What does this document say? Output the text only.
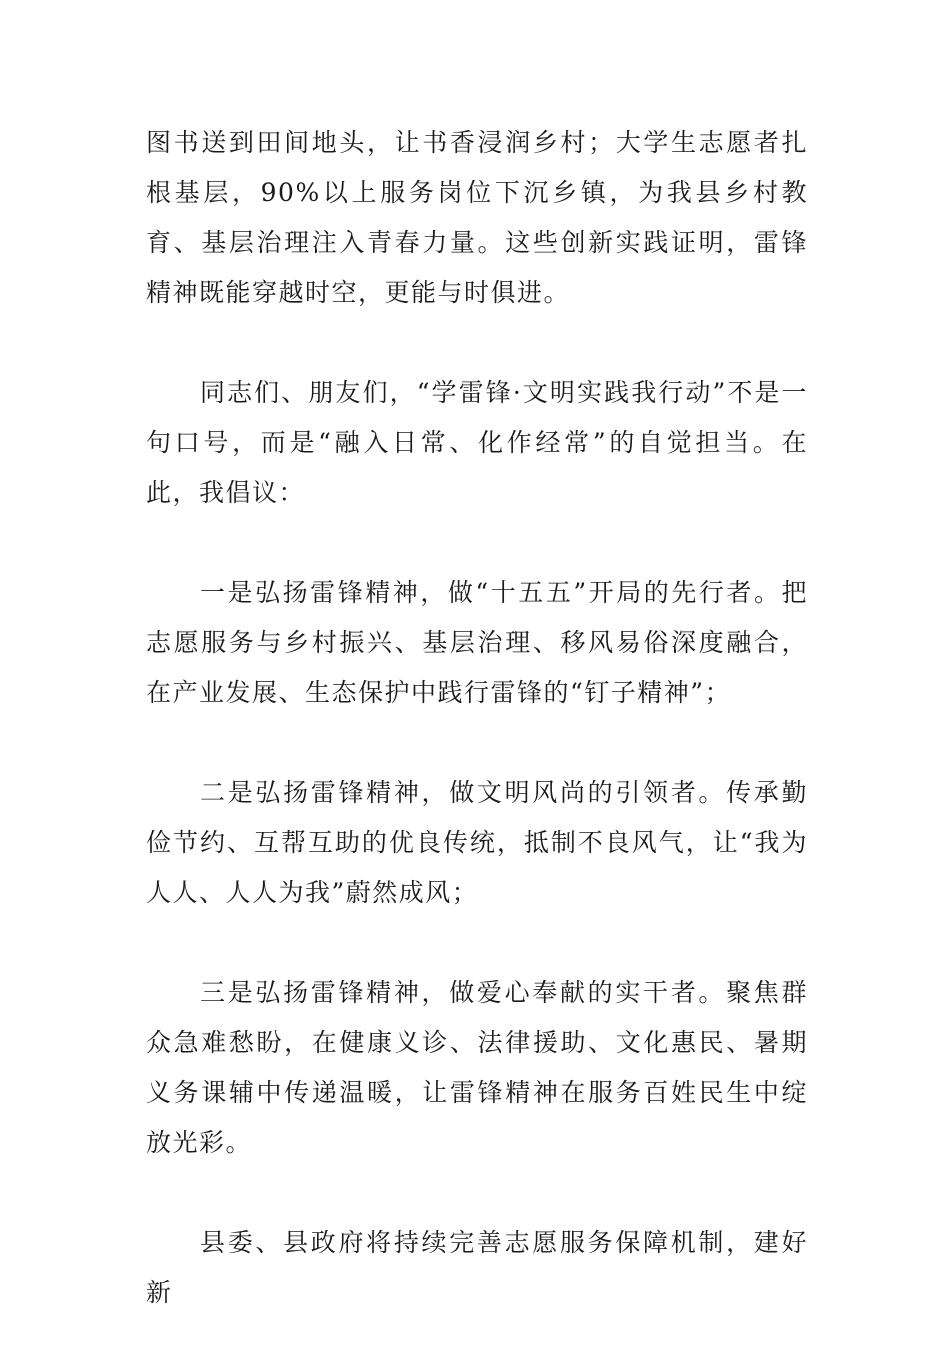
图书送到田间地头，让书香浸润乡村；大学生志愿者扎根基层，90%以上服务岗位下沉乡镇，为我县乡村教育、基层治理注入青春力量。这些创新实践证明，雷锋精神既能穿越时空，更能与时俱进。

同志们、朋友们，“学雷锋·文明实践我行动”不是一句口号，而是“融入日常、化作经常”的自觉担当。在此，我倡议：

一是弘扬雷锋精神，做“十五五”开局的先行者。把志愿服务与乡村振兴、基层治理、移风易俗深度融合，在产业发展、生态保护中践行雷锋的“钉子精神”；

二是弘扬雷锋精神，做文明风尚的引领者。传承勤俭节约、互帮互助的优良传统，抵制不良风气，让“我为人人、人人为我”蔚然成风；

三是弘扬雷锋精神，做爱心奉献的实干者。聚焦群众急难愁盼，在健康义诊、法律援助、文化惠民、暑期义务课辅中传递温暖，让雷锋精神在服务百姓民生中绽放光彩。

县委、县政府将持续完善志愿服务保障机制，建好新
